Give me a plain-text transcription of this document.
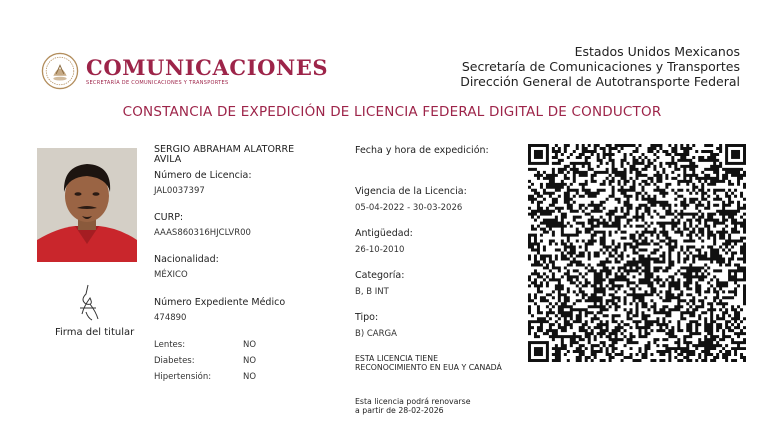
COMUNICACIONES
SECRETARÍA DE COMUNICACIONES Y TRANSPORTES
Estados Unidos Mexicanos
Secretaría de Comunicaciones y Transportes
Dirección General de Autotransporte Federal
CONSTANCIA DE EXPEDICIÓN DE LICENCIA FEDERAL DIGITAL DE CONDUCTOR
Firma del titular
SERGIO ABRAHAM ALATORRE
AVILA
Número de Licencia:
JAL0037397
CURP:
AAAS860316HJCLVR00
Nacionalidad:
MÉXICO
Número Expediente Médico
474890
Lentes:	NO
Diabetes:	NO
Hipertensión:	NO
Fecha y hora de expedición:
Vigencia de la Licencia:
05-04-2022 - 30-03-2026
Antigüedad:
26-10-2010
Categoría:
B, B INT
Tipo:
B) CARGA
ESTA LICENCIA TIENE
RECONOCIMIENTO EN EUA Y CANADÁ
Esta licencia podrá renovarse
a partir de 28-02-2026
